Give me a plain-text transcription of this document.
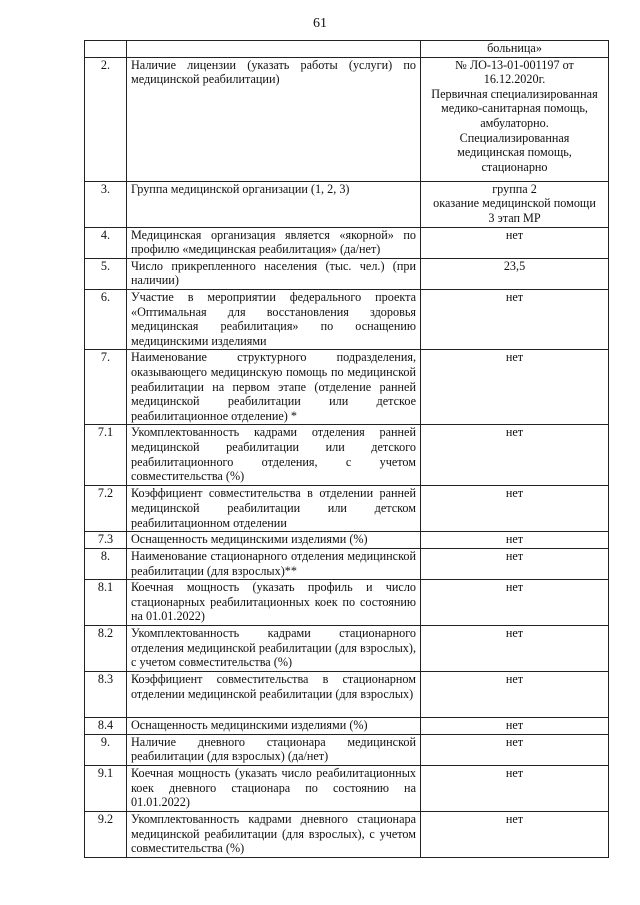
61
		больница»
2.	Наличие лицензии (указать работы (услуги) по медицинской реабилитации)	№ ЛО-13-01-001197 от
16.12.2020г.
Первичная специализированная медико-санитарная помощь, амбулаторно.
Специализированная медицинская помощь, стационарно
3.	Группа медицинской организации (1, 2, 3)	группа 2
оказание медицинской помощи
3 этап МР
4.	Медицинская организация является «якорной» по профилю «медицинская реабилитация» (да/нет)	нет
5.	Число прикрепленного населения (тыс. чел.) (при наличии)	23,5
6.	Участие в мероприятии федерального проекта «Оптимальная для восстановления здоровья медицинская реабилитация» по оснащению медицинскими изделиями	нет
7.	Наименование структурного подразделения, оказывающего медицинскую помощь по медицинской реабилитации на первом этапе (отделение ранней медицинской реабилитации или детское реабилитационное отделение) *	нет
7.1	Укомплектованность кадрами отделения ранней медицинской реабилитации или детского реабилитационного отделения, с учетом совместительства (%)	нет
7.2	Коэффициент совместительства в отделении ранней медицинской реабилитации или детском реабилитационном отделении	нет
7.3	Оснащенность медицинскими изделиями (%)	нет
8.	Наименование стационарного отделения медицинской реабилитации (для взрослых)**	нет
8.1	Коечная мощность (указать профиль и число стационарных реабилитационных коек по состоянию на 01.01.2022)	нет
8.2	Укомплектованность кадрами стационарного отделения медицинской реабилитации (для взрослых), с учетом совместительства (%)	нет
8.3	Коэффициент совместительства в стационарном отделении медицинской реабилитации (для взрослых)	нет
8.4	Оснащенность медицинскими изделиями (%)	нет
9.	Наличие дневного стационара медицинской реабилитации (для взрослых) (да/нет)	нет
9.1	Коечная мощность (указать число реабилитационных коек дневного стационара по состоянию на 01.01.2022)	нет
9.2	Укомплектованность кадрами дневного стационара медицинской реабилитации (для взрослых), с учетом совместительства (%)	нет
